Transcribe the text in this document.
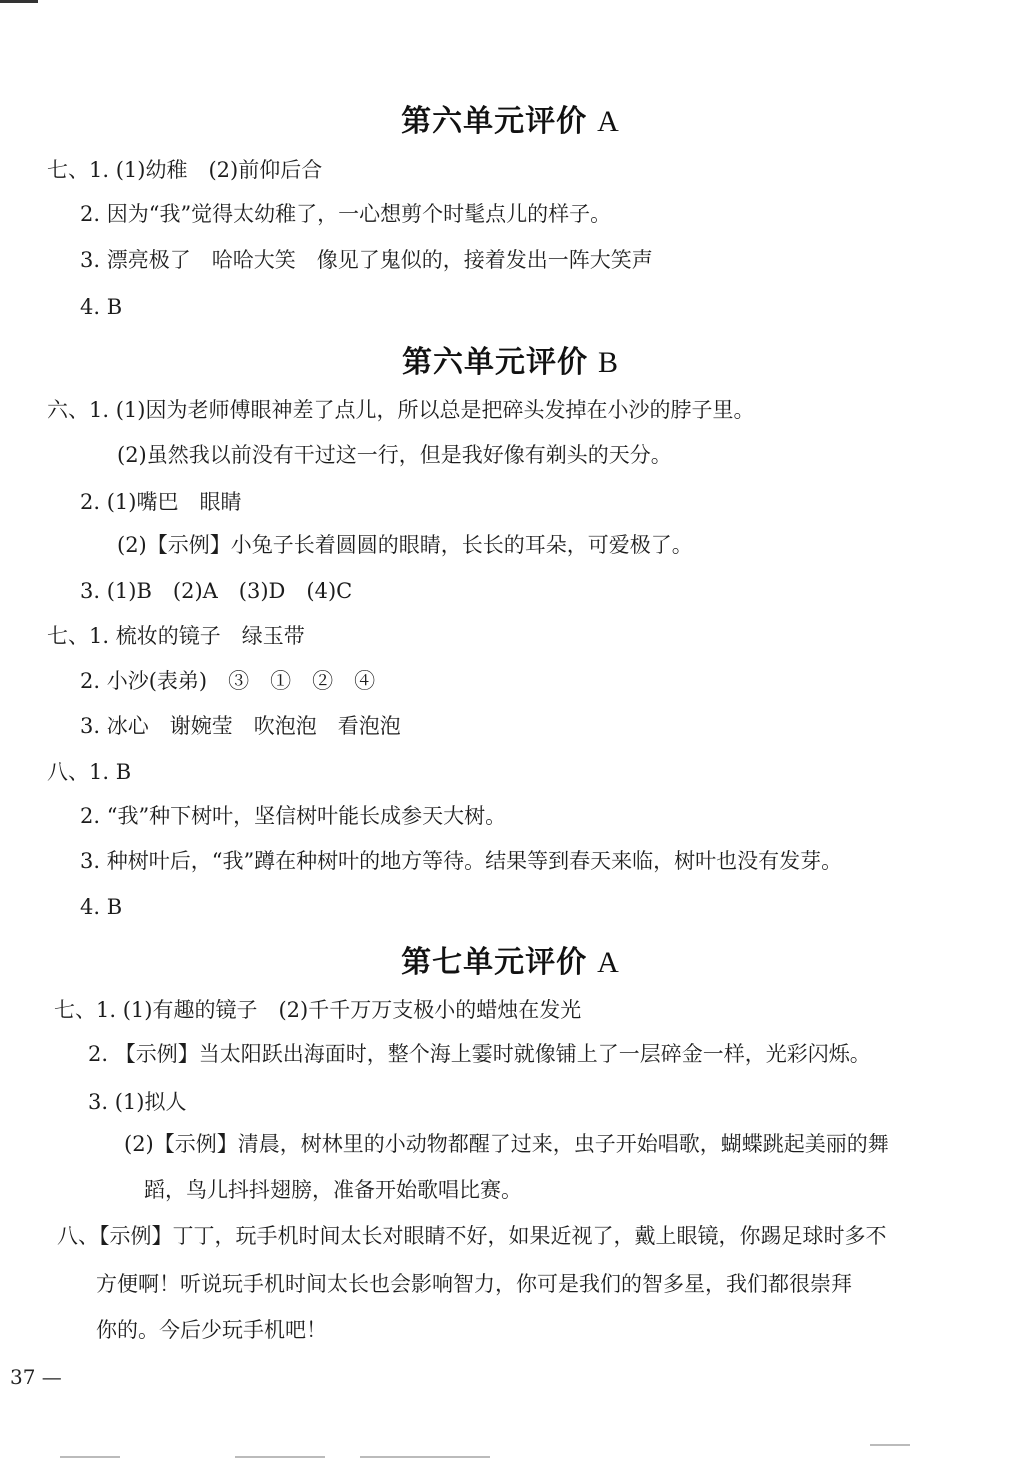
第六单元评价 A
七、1. (1)幼稚　(2)前仰后合
2. 因为“我”觉得太幼稚了，一心想剪个时髦点儿的样子。
3. 漂亮极了　哈哈大笑　像见了鬼似的，接着发出一阵大笑声
4. B
第六单元评价 B
六、1. (1)因为老师傅眼神差了点儿，所以总是把碎头发掉在小沙的脖子里。
(2)虽然我以前没有干过这一行，但是我好像有剃头的天分。
2. (1)嘴巴　眼睛
(2)【示例】小兔子长着圆圆的眼睛，长长的耳朵，可爱极了。
3. (1)B　(2)A　(3)D　(4)C
七、1. 梳妆的镜子　绿玉带
2. 小沙(表弟)　③　①　②　④
3. 冰心　谢婉莹　吹泡泡　看泡泡
八、1. B
2. “我”种下树叶，坚信树叶能长成参天大树。
3. 种树叶后，“我”蹲在种树叶的地方等待。结果等到春天来临，树叶也没有发芽。
4. B
第七单元评价 A
七、1. (1)有趣的镜子　(2)千千万万支极小的蜡烛在发光
2. 【示例】当太阳跃出海面时，整个海上霎时就像铺上了一层碎金一样，光彩闪烁。
3. (1)拟人
(2)【示例】清晨，树林里的小动物都醒了过来，虫子开始唱歌，蝴蝶跳起美丽的舞
蹈，鸟儿抖抖翅膀，准备开始歌唱比赛。
八、【示例】丁丁，玩手机时间太长对眼睛不好，如果近视了，戴上眼镜，你踢足球时多不
方便啊！听说玩手机时间太长也会影响智力，你可是我们的智多星，我们都很崇拜
你的。今后少玩手机吧！
37 —
